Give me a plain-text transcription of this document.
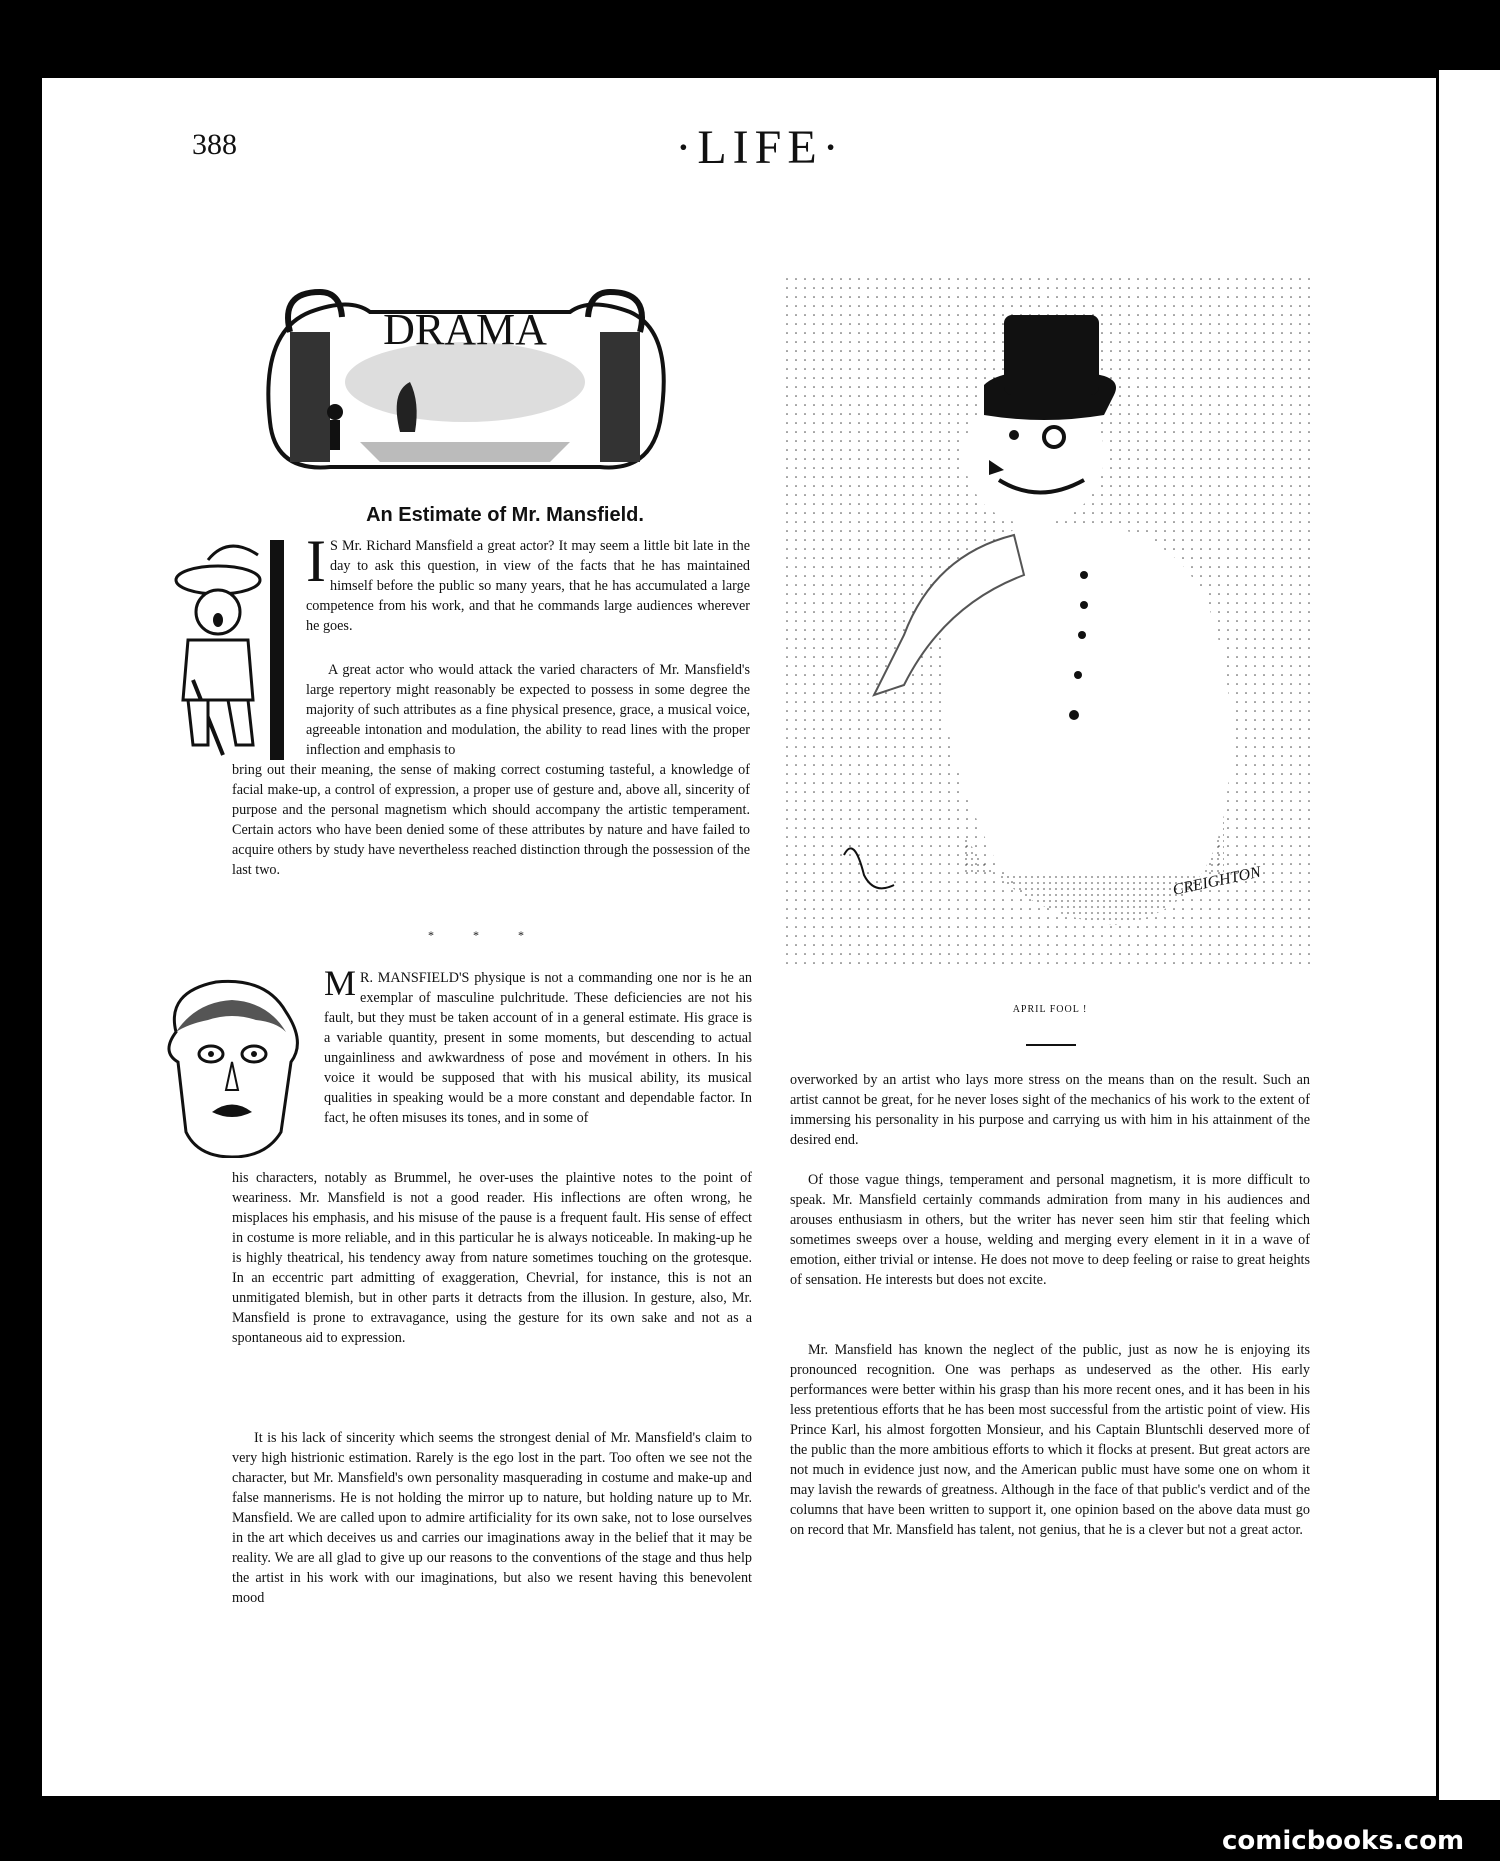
388	·LIFE·
DRAMA
An Estimate of Mr. Mansfield.
I S Mr. Richard Mansfield a great actor? It may seem a little bit late in the day to ask this question, in view of the facts that he has maintained himself before the public so many years, that he has accumulated a large competence from his work, and that he commands large audiences wherever he goes.
A great actor who would attack the varied characters of Mr. Mansfield's large repertory might reasonably be expected to possess in some degree the majority of such attributes as a fine physical presence, grace, a musical voice, agreeable intonation and modulation, the ability to read lines with the proper inflection and emphasis to
bring out their meaning, the sense of making correct costuming tasteful, a knowledge of facial make-up, a control of expression, a proper use of gesture and, above all, sincerity of purpose and the personal magnetism which should accompany the artistic temperament. Certain actors who have been denied some of these attributes by nature and have failed to acquire others by study have nevertheless reached distinction through the possession of the last two.
* * *
M R. MANSFIELD'S physique is not a commanding one nor is he an exemplar of masculine pulchritude. These deficiencies are not his fault, but they must be taken account of in a general estimate. His grace is a variable quantity, present in some moments, but descending to actual ungainliness and awkwardness of pose and movément in others. In his voice it would be supposed that with his musical ability, its musical qualities in speaking would be a more constant and dependable factor. In fact, he often misuses its tones, and in some of
his characters, notably as Brummel, he over-uses the plaintive notes to the point of weariness. Mr. Mansfield is not a good reader. His inflections are often wrong, he misplaces his emphasis, and his misuse of the pause is a frequent fault. His sense of effect in costume is more reliable, and in this particular he is always noticeable. In making-up he is highly theatrical, his tendency away from nature sometimes touching on the grotesque. In an eccentric part admitting of exaggeration, Chevrial, for instance, this is not an unmitigated blemish, but in other parts it detracts from the illusion. In gesture, also, Mr. Mansfield is prone to extravagance, using the gesture for its own sake and not as a spontaneous aid to expression.
It is his lack of sincerity which seems the strongest denial of Mr. Mansfield's claim to very high histrionic estimation. Rarely is the ego lost in the part. Too often we see not the character, but Mr. Mansfield's own personality masquerading in costume and make-up and false mannerisms. He is not holding the mirror up to nature, but holding nature up to Mr. Mansfield. We are called upon to admire artificiality for its own sake, not to lose ourselves in the art which deceives us and carries our imaginations away in the belief that it may be reality. We are all glad to give up our reasons to the conventions of the stage and thus help the artist in his work with our imaginations, but also we resent having this benevolent mood
CREIGHTON
APRIL FOOL !
overworked by an artist who lays more stress on the means than on the result. Such an artist cannot be great, for he never loses sight of the mechanics of his work to the extent of immersing his personality in his purpose and carrying us with him in his attainment of the desired end.
Of those vague things, temperament and personal magnetism, it is more difficult to speak. Mr. Mansfield certainly commands admiration from many in his audiences and arouses enthusiasm in others, but the writer has never seen him stir that feeling which sometimes sweeps over a house, welding and merging every element in it in a wave of emotion, either trivial or intense. He does not move to deep feeling or raise to great heights of sensation. He interests but does not excite.
Mr. Mansfield has known the neglect of the public, just as now he is enjoying its pronounced recognition. One was perhaps as undeserved as the other. His early performances were better within his grasp than his more recent ones, and it has been in his less pretentious efforts that he has been most successful from the artistic point of view. His Prince Karl, his almost forgotten Monsieur, and his Captain Bluntschli deserved more of the public than the more ambitious efforts to which it flocks at present. But great actors are not much in evidence just now, and the American public must have some one on whom it may lavish the rewards of greatness. Although in the face of that public's verdict and of the columns that have been written to support it, one opinion based on the above data must go on record that Mr. Mansfield has talent, not genius, that he is a clever but not a great actor.
comicbooks.com
